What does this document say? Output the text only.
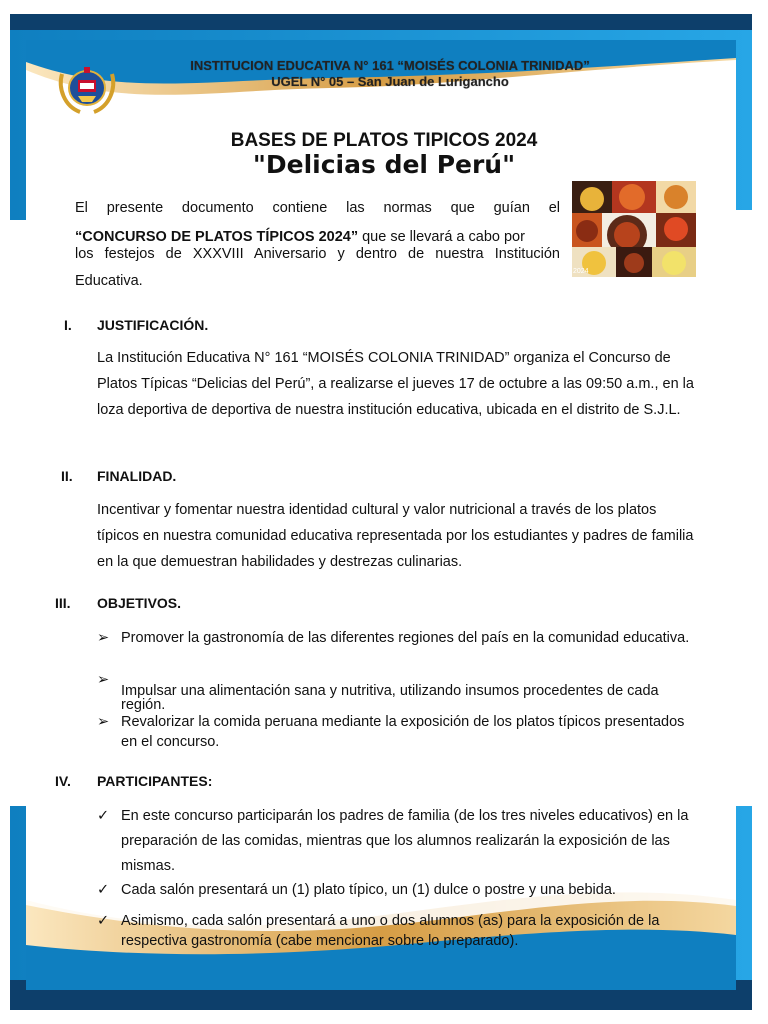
INSTITUCION EDUCATIVA N° 161 “MOISÉS COLONIA TRINIDAD”
UGEL N° 05 – San Juan de Lurigancho
BASES DE PLATOS TIPICOS 2024
"Delicias del Perú"
El presente documento contiene las normas que guían el
“CONCURSO DE PLATOS TÍPICOS 2024” que se llevará a cabo por

los festejos de XXXVIII Aniversario y dentro de nuestra Institución
Educativa.
2024
I. JUSTIFICACIÓN.
La Institución Educativa N° 161 “MOISÉS COLONIA TRINIDAD” organiza el Concurso de Platos Típicas “Delicias del Perú”, a realizarse el jueves 17 de octubre a las 09:50 a.m., en la loza deportiva de deportiva de nuestra institución educativa, ubicada en el distrito de S.J.L.
II. FINALIDAD.
Incentivar y fomentar nuestra identidad cultural y valor nutricional a través de los platos típicos en nuestra comunidad educativa representada por los estudiantes y padres de familia en la que demuestran habilidades y destrezas culinarias.
III. OBJETIVOS.
➢ Promover la gastronomía de las diferentes regiones del país en la comunidad educativa.
➢
Impulsar una alimentación sana y nutritiva, utilizando insumos procedentes de cada región.
➢ Revalorizar la comida peruana mediante la exposición de los platos típicos presentados en el concurso.
IV. PARTICIPANTES:
✓ En este concurso participarán los padres de familia (de los tres niveles educativos) en la preparación de las comidas, mientras que los alumnos realizarán la exposición de las mismas.
✓ Cada salón presentará un (1) plato típico, un (1) dulce o postre y una bebida.
✓ Asimismo, cada salón presentará a uno o dos alumnos (as) para la exposición de la respectiva gastronomía (cabe mencionar sobre lo preparado).
